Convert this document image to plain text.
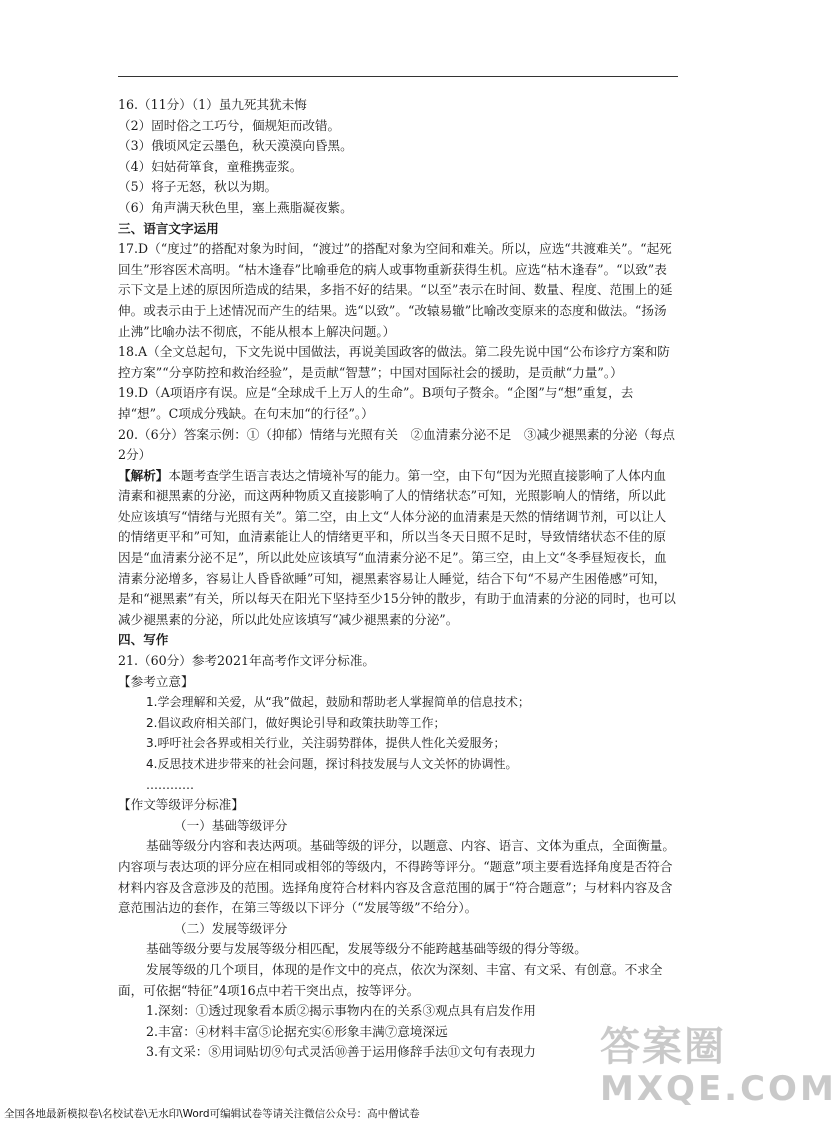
16.（11分）（1）虽九死其犹未悔

（2）固时俗之工巧兮，偭规矩而改错。

（3）俄顷风定云墨色，秋天漠漠向昏黑。

（4）妇姑荷箪食，童稚携壶浆。

（5）将子无怒，秋以为期。

（6）角声满天秋色里，塞上燕脂凝夜紫。

三、语言文字运用

17.D（“度过”的搭配对象为时间，“渡过”的搭配对象为空间和难关。所以，应选“共渡难关”。“起死回生”形容医术高明。“枯木逢春”比喻垂危的病人或事物重新获得生机。应选“枯木逢春”。“以致”表示下文是上述的原因所造成的结果，多指不好的结果。“以至”表示在时间、数量、程度、范围上的延伸。或表示由于上述情况而产生的结果。选“以致”。“改辕易辙”比喻改变原来的态度和做法。“扬汤止沸”比喻办法不彻底，不能从根本上解决问题。）

18.A（全文总起句，下文先说中国做法，再说美国政客的做法。第二段先说中国“公布诊疗方案和防控方案”“分享防控和救治经验”，是贡献“智慧”；中国对国际社会的援助，是贡献“力量”。）

19.D（A项语序有误。应是“全球成千上万人的生命”。B项句子赘余。“企图”与“想”重复，去掉“想”。C项成分残缺。在句末加“的行径”。）

20.（6分）答案示例：①（抑郁）情绪与光照有关　②血清素分泌不足　③减少褪黑素的分泌（每点2分）

【解析】本题考查学生语言表达之情境补写的能力。第一空，由下句“因为光照直接影响了人体内血清素和褪黑素的分泌，而这两种物质又直接影响了人的情绪状态”可知，光照影响人的情绪，所以此处应该填写“情绪与光照有关”。第二空，由上文“人体分泌的血清素是天然的情绪调节剂，可以让人的情绪更平和”可知，血清素能让人的情绪更平和，所以当冬天日照不足时，导致情绪状态不佳的原因是“血清素分泌不足”，所以此处应该填写“血清素分泌不足”。第三空，由上文“冬季昼短夜长，血清素分泌增多，容易让人昏昏欲睡”可知，褪黑素容易让人睡觉，结合下句“不易产生困倦感”可知，是和“褪黑素”有关，所以每天在阳光下坚持至少15分钟的散步，有助于血清素的分泌的同时，也可以减少褪黑素的分泌，所以此处应该填写“减少褪黑素的分泌”。

四、写作

21.（60分）参考2021年高考作文评分标准。

【参考立意】

1.学会理解和关爱，从“我”做起，鼓励和帮助老人掌握简单的信息技术；

2.倡议政府相关部门，做好舆论引导和政策扶助等工作；

3.呼吁社会各界或相关行业，关注弱势群体，提供人性化关爱服务；

4.反思技术进步带来的社会问题，探讨科技发展与人文关怀的协调性。

…………

【作文等级评分标准】

（一）基础等级评分

基础等级分内容和表达两项。基础等级的评分，以题意、内容、语言、文体为重点，全面衡量。内容项与表达项的评分应在相同或相邻的等级内，不得跨等评分。“题意”项主要看选择角度是否符合材料内容及含意涉及的范围。选择角度符合材料内容及含意范围的属于“符合题意”；与材料内容及含意范围沾边的套作，在第三等级以下评分（“发展等级”不给分）。

（二）发展等级评分

基础等级分要与发展等级分相匹配，发展等级分不能跨越基础等级的得分等级。

发展等级的几个项目，体现的是作文中的亮点，依次为深刻、丰富、有文采、有创意。不求全面，可依据“特征”4项16点中若干突出点，按等评分。

1.深刻：①透过现象看本质②揭示事物内在的关系③观点具有启发作用

2.丰富：④材料丰富⑤论据充实⑥形象丰满⑦意境深远

3.有文采：⑧用词贴切⑨句式灵活⑩善于运用修辞手法⑪文句有表现力	答案圈
MXQE.COM
全国各地最新模拟卷\名校试卷\无水印\Word可编辑试卷等请关注微信公众号：高中僧试卷
